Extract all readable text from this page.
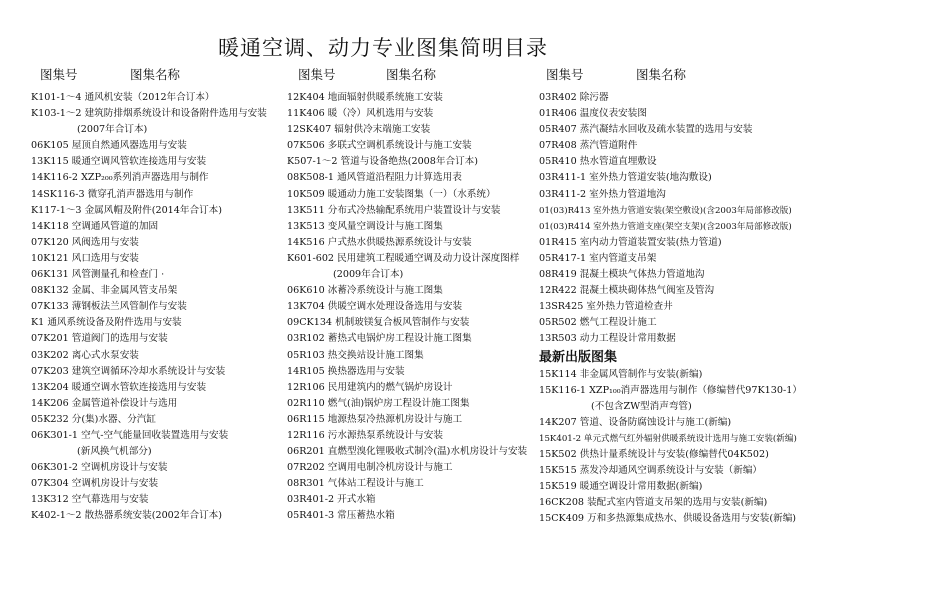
暖通空调、动力专业图集简明目录
图集号	图集名称	图集号	图集名称	图集号	图集名称
K101-1～4 通风机安装（2012年合订本）
K103-1～2 建筑防排烟系统设计和设备附件选用与安装
(2007年合订本)
06K105 屋顶自然通风器选用与安装
13K115 暖通空调风管软连接选用与安装
14K116-2 XZP₂₀₀系列消声器选用与制作
14SK116-3 微穿孔消声器选用与制作
K117-1～3 金属风帽及附件(2014年合订本)
14K118 空调通风管道的加固
07K120 风阀选用与安装
10K121 风口选用与安装
06K131 风管测量孔和检查门 ·
08K132 金属、非金属风管支吊架
07K133 薄钢板法兰风管制作与安装
K1 通风系统设备及附件选用与安装
07K201 管道阀门的选用与安装
03K202 离心式水泵安装
07K203 建筑空调循环冷却水系统设计与安装
13K204 暖通空调水管软连接选用与安装
14K206 金属管道补偿设计与选用
05K232 分(集)水器、分汽缸
06K301-1 空气-空气能量回收装置选用与安装
(新风换气机部分)
06K301-2 空调机房设计与安装
07K304 空调机房设计与安装
13K312 空气幕选用与安装
K402-1～2 散热器系统安装(2002年合订本)
12K404 地面辐射供暖系统施工安装
11K406 暖（冷）风机选用与安装
12SK407 辐射供冷末端施工安装
07K506 多联式空调机系统设计与施工安装
K507-1～2 管道与设备绝热(2008年合订本)
08K508-1 通风管道沿程阻力计算选用表
10K509 暖通动力施工安装图集（一）（水系统）
13K511 分布式冷热输配系统用户装置设计与安装
13K513 变风量空调设计与施工图集
14K516 户式热水供暖热源系统设计与安装
K601-602 民用建筑工程暖通空调及动力设计深度图样
(2009年合订本)
06K610 冰蓄冷系统设计与施工图集
13K704 供暖空调水处理设备选用与安装
09CK134 机制玻镁复合板风管制作与安装
03R102 蓄热式电锅炉房工程设计施工图集
05R103 热交换站设计施工图集
14R105 换热器选用与安装
12R106 民用建筑内的燃气锅炉房设计
02R110 燃气(油)锅炉房工程设计施工图集
06R115 地源热泵冷热源机房设计与施工
12R116 污水源热泵系统设计与安装
06R201 直燃型溴化锂吸收式制冷(温)水机房设计与安装
07R202 空调用电制冷机房设计与施工
08R301 气体站工程设计与施工
03R401-2 开式水箱
05R401-3 常压蓄热水箱
03R402 除污器
01R406 温度仪表安装图
05R407 蒸汽凝结水回收及疏水装置的选用与安装
07R408 蒸汽管道附件
05R410 热水管道直埋敷设
03R411-1 室外热力管道安装(地沟敷设)
03R411-2 室外热力管道地沟
01(03)R413 室外热力管道安装(架空敷设)(含2003年局部修改版)
01(03)R414 室外热力管道支座(架空支架)(含2003年局部修改版)
01R415 室内动力管道装置安装(热力管道)
05R417-1 室内管道支吊架
08R419 混凝土模块气体热力管道地沟
12R422 混凝土模块砌体热气阀室及管沟
13SR425 室外热力管道检查井
05R502 燃气工程设计施工
13R503 动力工程设计常用数据
最新出版图集
15K114 非金属风管制作与安装(新编)
15K116-1 XZP₁₀₀消声器选用与制作（修编替代97K130-1）
(不包含ZW型消声弯管)
14K207 管道、设备防腐蚀设计与施工(新编)
15K401-2 单元式燃气红外辐射供暖系统设计选用与施工安装(新编)
15K502 供热计量系统设计与安装(修编替代04K502)
15K515 蒸发冷却通风空调系统设计与安装（新编）
15K519 暖通空调设计常用数据(新编)
16CK208 装配式室内管道支吊架的选用与安装(新编)
15CK409 万和多热源集成热水、供暖设备选用与安装(新编)
